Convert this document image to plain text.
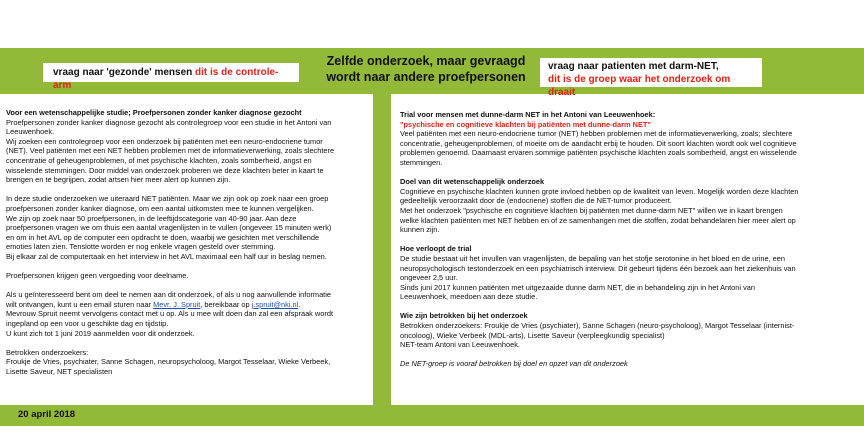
vraag naar 'gezonde' mensen dit is de controle-arm
Zelfde onderzoek, maar gevraagd
wordt naar andere proefpersonen
vraag naar patienten met darm-NET,
dit is de groep waar het onderzoek om draait
Voor een wetenschappelijke studie; Proefpersonen zonder kanker diagnose gezocht
Proefpersonen zonder kanker diagnose gezocht als controlegroep voor een studie in het Antoni van
Leeuwenhoek.
Wij zoeken een controlegroep voor een onderzoek bij patiënten met een neuro-endocriene tumor
(NET). Veel patiënten met een NET hebben problemen met de informatieverwerking, zoals slechtere
concentratie of geheugenproblemen, of met psychische klachten, zoals somberheid, angst en
wisselende stemmingen. Door middel van onderzoek proberen we deze klachten beter in kaart te
brengen en te begrijpen, zodat artsen hier meer alert op kunnen zijn.
In deze studie onderzoeken we uiteraard NET patiënten. Maar we zijn ook op zoek naar een groep
proefpersonen zonder kanker diagnose, om een aantal uitkomsten mee te kunnen vergelijken.
We zijn op zoek naar 50 proefpersonen, in de leeftijdscategorie van 40-90 jaar. Aan deze
proefpersonen vragen we om thuis een aantal vragenlijsten in te vullen (ongeveer 15 minuten werk)
en om in het AVL op de computer een opdracht te doen, waarbij we gesichten met verschillende
emoties laten zien. Tenslotte worden er nog enkele vragen gesteld over stemming.
Bij elkaar zal de computertaak en het interview in het AVL maximaal een half uur in beslag nemen.
Proefpersonen krijgen geen vergoeding voor deelname.
Als u geïnteresseerd bent om deel te nemen aan dit onderzoek, of als u nog aanvullende informatie
wilt ontvangen, kunt u een email sturen naar Mevr. J. Spruit, bereikbaar op j.spruit@nki.nl.
Mevrouw Spruit neemt vervolgens contact met u op. Als u mee wilt doen dan zal een afspraak wordt
ingepland op een voor u geschikte dag en tijdstip.
U kunt zich tot 1 juni 2019 aanmelden voor dit onderzoek.
Betrokken onderzoekers:
Froukje de Vries, psychiater, Sanne Schagen, neuropsycholoog, Margot Tesselaar, Wieke Verbeek,
Lisette Saveur, NET specialisten
Trial voor mensen met dunne-darm NET in het Antoni van Leeuwenhoek:
"psychische en cognitieve klachten bij patiënten met dunne-darm NET"
Veel patiënten met een neuro-endocriene tumor (NET) hebben problemen met de informatieverwerking, zoals; slechtere
concentratie, geheugenproblemen, of moeite om de aandacht erbij te houden. Dit soort klachten wordt ook wel cognitieve
problemen genoemd. Daarnaast ervaren sommige patiënten psychische klachten zoals somberheid, angst en wisselende
stemmingen.
Doel van dit wetenschappelijk onderzoek
Cognitieve en psychische klachten kunnen grote invloed hebben op de kwaliteit van leven. Mogelijk worden deze klachten
gedeeltelijk veroorzaakt door de (endocriene) stoffen die de NET-tumor produceert.
Met het onderzoek "psychische en cognitieve klachten bij patiënten met dunne-darm NET" willen we in kaart brengen
welke klachten patiënten met NET hebben en of ze samenhangen met die stoffen, zodat behandelaren hier meer alert op
kunnen zijn.
Hoe verloopt de trial
De studie bestaat uit het invullen van vragenlijsten, de bepaling van het stofje serotonine in het bloed en de urine, een
neuropsychologisch testonderzoek en een psychiatrisch interview. Dit gebeurt tijdens één bezoek aan het ziekenhuis van
ongeveer 2,5 uur.
Sinds juni 2017 kunnen patiënten met uitgezaaide dunne darm NET, die in behandeling zijn in het Antoni van
Leeuwenhoek, meedoen aan deze studie.
Wie zijn betrokken bij het onderzoek
Betrokken onderzoekers: Froukje de Vries (psychiater), Sanne Schagen (neuro-psycholoog), Margot Tesselaar (internist-
oncoloog), Wieke Verbeek (MDL-arts), Lisette Saveur (verpleegkundig specialist)
NET-team Antoni van Leeuwenhoek.
De NET-groep is vooraf betrokken bij doel en opzet van dit onderzoek
20 april 2018
